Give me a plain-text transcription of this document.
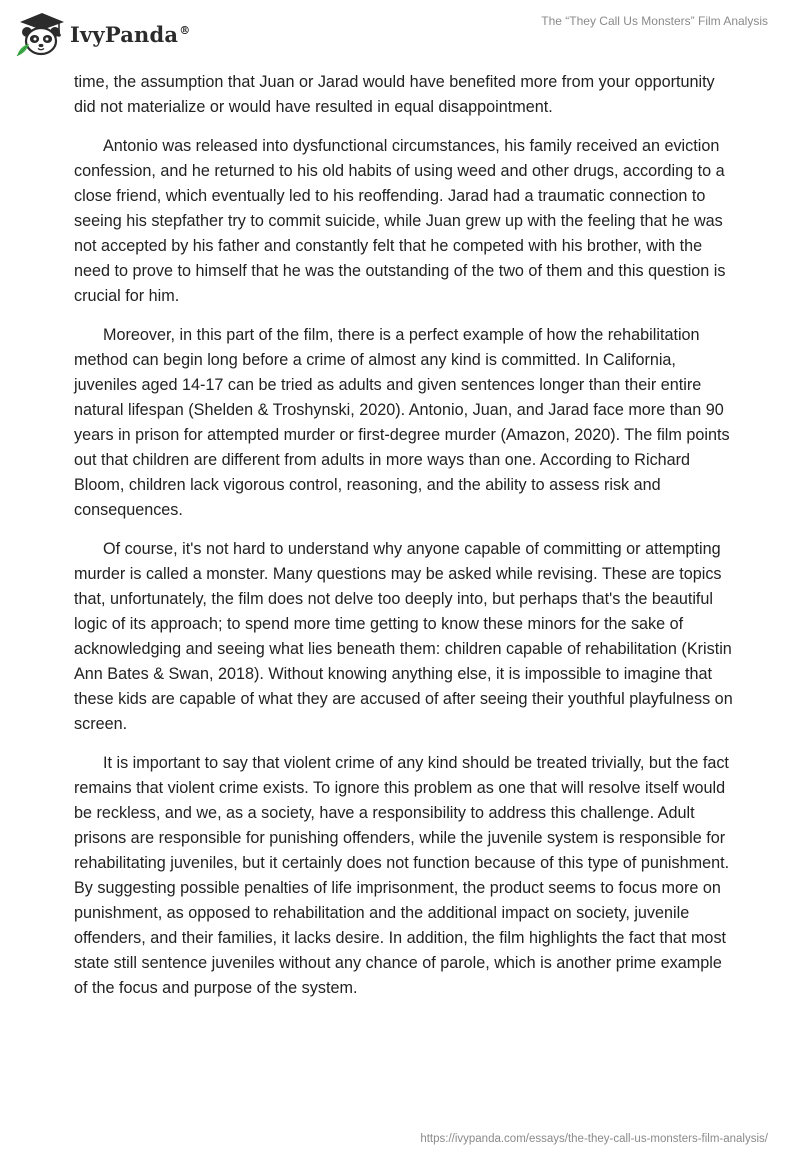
IvyPanda®
The “They Call Us Monsters” Film Analysis

time, the assumption that Juan or Jarad would have benefited more from your opportunity did not materialize or would have resulted in equal disappointment.

Antonio was released into dysfunctional circumstances, his family received an eviction confession, and he returned to his old habits of using weed and other drugs, according to a close friend, which eventually led to his reoffending. Jarad had a traumatic connection to seeing his stepfather try to commit suicide, while Juan grew up with the feeling that he was not accepted by his father and constantly felt that he competed with his brother, with the need to prove to himself that he was the outstanding of the two of them and this question is crucial for him.

Moreover, in this part of the film, there is a perfect example of how the rehabilitation method can begin long before a crime of almost any kind is committed. In California, juveniles aged 14-17 can be tried as adults and given sentences longer than their entire natural lifespan (Shelden & Troshynski, 2020). Antonio, Juan, and Jarad face more than 90 years in prison for attempted murder or first-degree murder (Amazon, 2020). The film points out that children are different from adults in more ways than one. According to Richard Bloom, children lack vigorous control, reasoning, and the ability to assess risk and consequences.

Of course, it's not hard to understand why anyone capable of committing or attempting murder is called a monster. Many questions may be asked while revising. These are topics that, unfortunately, the film does not delve too deeply into, but perhaps that's the beautiful logic of its approach; to spend more time getting to know these minors for the sake of acknowledging and seeing what lies beneath them: children capable of rehabilitation (Kristin Ann Bates & Swan, 2018). Without knowing anything else, it is impossible to imagine that these kids are capable of what they are accused of after seeing their youthful playfulness on screen.

It is important to say that violent crime of any kind should be treated trivially, but the fact remains that violent crime exists. To ignore this problem as one that will resolve itself would be reckless, and we, as a society, have a responsibility to address this challenge. Adult prisons are responsible for punishing offenders, while the juvenile system is responsible for rehabilitating juveniles, but it certainly does not function because of this type of punishment. By suggesting possible penalties of life imprisonment, the product seems to focus more on punishment, as opposed to rehabilitation and the additional impact on society, juvenile offenders, and their families, it lacks desire. In addition, the film highlights the fact that most state still sentence juveniles without any chance of parole, which is another prime example of the focus and purpose of the system.

https://ivypanda.com/essays/the-they-call-us-monsters-film-analysis/
